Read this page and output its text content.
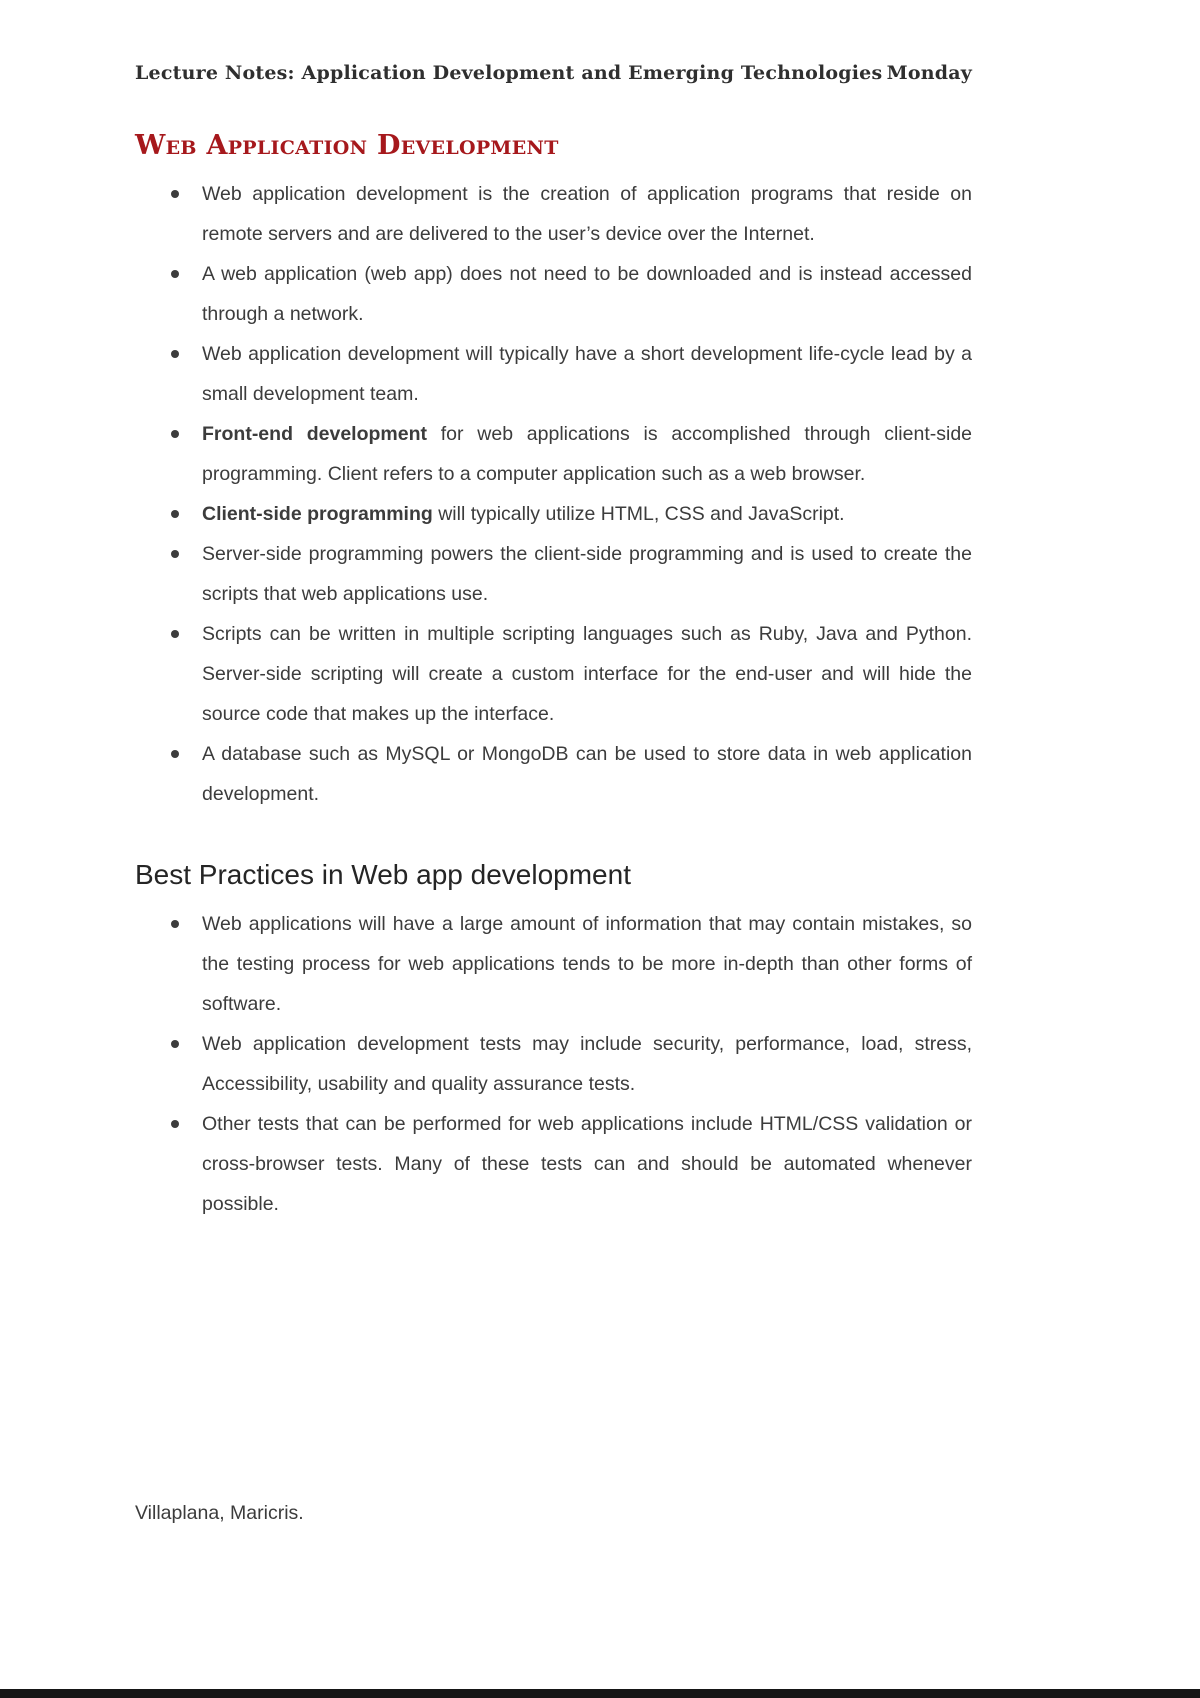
Lecture Notes: Application Development and Emerging Technologies Monday
Web Application Development
Web application development is the creation of application programs that reside on remote servers and are delivered to the user’s device over the Internet.
A web application (web app) does not need to be downloaded and is instead accessed through a network.
Web application development will typically have a short development life-cycle lead by a small development team.
Front-end development for web applications is accomplished through client-side programming. Client refers to a computer application such as a web browser.
Client-side programming will typically utilize HTML, CSS and JavaScript.
Server-side programming powers the client-side programming and is used to create the scripts that web applications use.
Scripts can be written in multiple scripting languages such as Ruby, Java and Python. Server-side scripting will create a custom interface for the end-user and will hide the source code that makes up the interface.
A database such as MySQL or MongoDB can be used to store data in web application development.
Best Practices in Web app development
Web applications will have a large amount of information that may contain mistakes, so the testing process for web applications tends to be more in-depth than other forms of software.
Web application development tests may include security, performance, load, stress, Accessibility, usability and quality assurance tests.
Other tests that can be performed for web applications include HTML/CSS validation or cross-browser tests. Many of these tests can and should be automated whenever possible.
Villaplana, Maricris.
